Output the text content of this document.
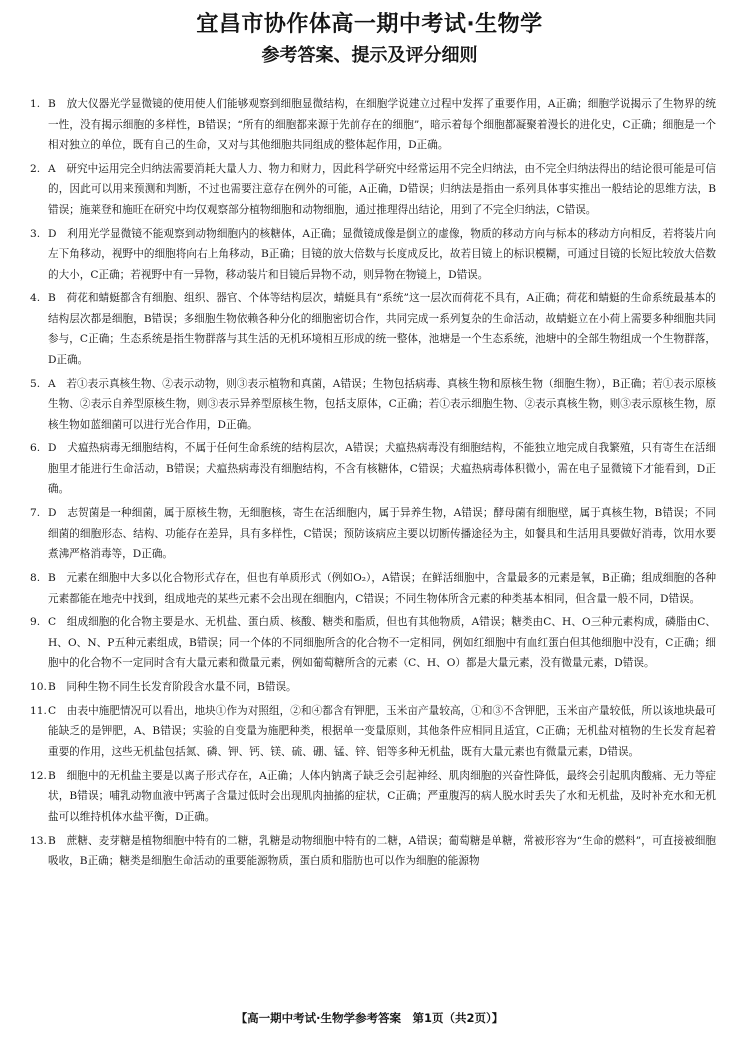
宜昌市协作体高一期中考试·生物学
参考答案、提示及评分细则
1. B　放大仪器光学显微镜的使用使人们能够观察到细胞显微结构，在细胞学说建立过程中发挥了重要作用，A正确；细胞学说揭示了生物界的统一性，没有揭示细胞的多样性，B错误；“所有的细胞都来源于先前存在的细胞”，暗示着每个细胞都凝聚着漫长的进化史，C正确；细胞是一个相对独立的单位，既有自己的生命，又对与其他细胞共同组成的整体起作用，D正确。
2. A　研究中运用完全归纳法需要消耗大量人力、物力和财力，因此科学研究中经常运用不完全归纳法，由不完全归纳法得出的结论很可能是可信的，因此可以用来预测和判断，不过也需要注意存在例外的可能，A正确，D错误；归纳法是指由一系列具体事实推出一般结论的思维方法，B错误；施莱登和施旺在研究中均仅观察部分植物细胞和动物细胞，通过推理得出结论，用到了不完全归纳法，C错误。
3. D　利用光学显微镜不能观察到动物细胞内的核糖体，A正确；显微镜成像是倒立的虚像，物质的移动方向与标本的移动方向相反，若将装片向左下角移动，视野中的细胞将向右上角移动，B正确；目镜的放大倍数与长度成反比，故若目镜上的标识模糊，可通过目镜的长短比较放大倍数的大小，C正确；若视野中有一异物，移动装片和目镜后异物不动，则异物在物镜上，D错误。
4. B　荷花和蜻蜓都含有细胞、组织、器官、个体等结构层次，蜻蜓具有“系统”这一层次而荷花不具有，A正确；荷花和蜻蜓的生命系统最基本的结构层次都是细胞，B错误；多细胞生物依赖各种分化的细胞密切合作，共同完成一系列复杂的生命活动，故蜻蜓立在小荷上需要多种细胞共同参与，C正确；生态系统是指生物群落与其生活的无机环境相互形成的统一整体，池塘是一个生态系统，池塘中的全部生物组成一个生物群落，D正确。
5. A　若①表示真核生物、②表示动物，则③表示植物和真菌，A错误；生物包括病毒、真核生物和原核生物（细胞生物），B正确；若①表示原核生物、②表示自养型原核生物，则③表示异养型原核生物，包括支原体，C正确；若①表示细胞生物、②表示真核生物，则③表示原核生物，原核生物如蓝细菌可以进行光合作用，D正确。
6. D　犬瘟热病毒无细胞结构，不属于任何生命系统的结构层次，A错误；犬瘟热病毒没有细胞结构，不能独立地完成自我繁殖，只有寄生在活细胞里才能进行生命活动，B错误；犬瘟热病毒没有细胞结构，不含有核糖体，C错误；犬瘟热病毒体积微小，需在电子显微镜下才能看到，D正确。
7. D　志贺菌是一种细菌，属于原核生物，无细胞核，寄生在活细胞内，属于异养生物，A错误；酵母菌有细胞壁，属于真核生物，B错误；不同细菌的细胞形态、结构、功能存在差异，具有多样性，C错误；预防该病应主要以切断传播途径为主，如餐具和生活用具要做好消毒，饮用水要煮沸严格消毒等，D正确。
8. B　元素在细胞中大多以化合物形式存在，但也有单质形式（例如O₂），A错误；在鲜活细胞中，含量最多的元素是氧，B正确；组成细胞的各种元素都能在地壳中找到，组成地壳的某些元素不会出现在细胞内，C错误；不同生物体所含元素的种类基本相同，但含量一般不同，D错误。
9. C　组成细胞的化合物主要是水、无机盐、蛋白质、核酸、糖类和脂质，但也有其他物质，A错误；糖类由C、H、O三种元素构成，磷脂由C、H、O、N、P五种元素组成，B错误；同一个体的不同细胞所含的化合物不一定相同，例如红细胞中有血红蛋白但其他细胞中没有，C正确；细胞中的化合物不一定同时含有大量元素和微量元素，例如葡萄糖所含的元素（C、H、O）都是大量元素，没有微量元素，D错误。
10. B　同种生物不同生长发育阶段含水量不同，B错误。
11. C　由表中施肥情况可以看出，地块①作为对照组，②和④都含有钾肥，玉米亩产量较高，①和③不含钾肥，玉米亩产量较低，所以该地块最可能缺乏的是钾肥，A、B错误；实验的自变量为施肥种类，根据单一变量原则，其他条件应相同且适宜，C正确；无机盐对植物的生长发育起着重要的作用，这些无机盐包括氮、磷、钾、钙、镁、硫、硼、锰、锌、铝等多种无机盐，既有大量元素也有微量元素，D错误。
12. B　细胞中的无机盐主要是以离子形式存在，A正确；人体内钠离子缺乏会引起神经、肌肉细胞的兴奋性降低，最终会引起肌肉酸痛、无力等症状，B错误；哺乳动物血液中钙离子含量过低时会出现肌肉抽搐的症状，C正确；严重腹泻的病人脱水时丢失了水和无机盐，及时补充水和无机盐可以维持机体水盐平衡，D正确。
13. B　蔗糖、麦芽糖是植物细胞中特有的二糖，乳糖是动物细胞中特有的二糖，A错误；葡萄糖是单糖，常被形容为“生命的燃料”，可直接被细胞吸收，B正确；糖类是细胞生命活动的重要能源物质，蛋白质和脂肪也可以作为细胞的能源物
【高一期中考试·生物学参考答案　第1页（共2页）】
